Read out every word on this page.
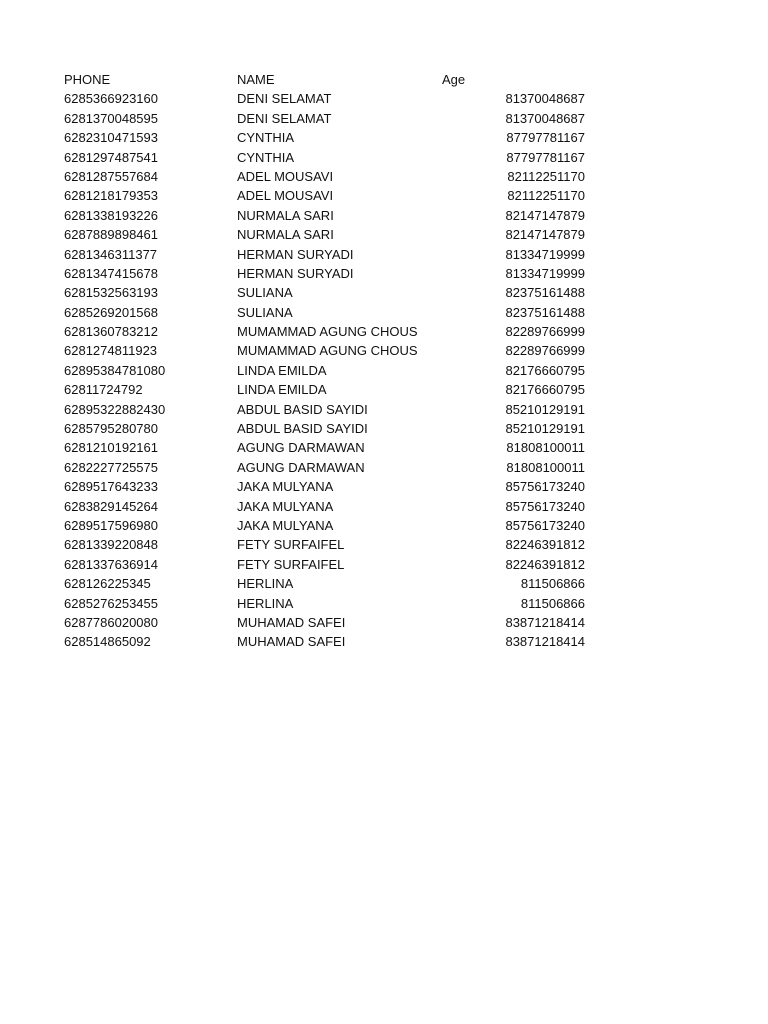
PHONE	NAME	Age
6285366923160	DENI SELAMAT	81370048687
6281370048595	DENI SELAMAT	81370048687
6282310471593	CYNTHIA	87797781167
6281297487541	CYNTHIA	87797781167
6281287557684	ADEL MOUSAVI	82112251170
6281218179353	ADEL MOUSAVI	82112251170
6281338193226	NURMALA SARI	82147147879
6287889898461	NURMALA SARI	82147147879
6281346311377	HERMAN SURYADI	81334719999
6281347415678	HERMAN SURYADI	81334719999
6281532563193	SULIANA	82375161488
6285269201568	SULIANA	82375161488
6281360783212	MUMAMMAD AGUNG CHOUS	82289766999
6281274811923	MUMAMMAD AGUNG CHOUS	82289766999
62895384781080	LINDA EMILDA	82176660795
62811724792	LINDA EMILDA	82176660795
62895322882430	ABDUL BASID SAYIDI	85210129191
6285795280780	ABDUL BASID SAYIDI	85210129191
6281210192161	AGUNG DARMAWAN	81808100011
6282227725575	AGUNG DARMAWAN	81808100011
6289517643233	JAKA MULYANA	85756173240
6283829145264	JAKA MULYANA	85756173240
6289517596980	JAKA MULYANA	85756173240
6281339220848	FETY SURFAIFEL	82246391812
6281337636914	FETY SURFAIFEL	82246391812
628126225345	HERLINA	811506866
6285276253455	HERLINA	811506866
6287786020080	MUHAMAD SAFEI	83871218414
628514865092	MUHAMAD SAFEI	83871218414
